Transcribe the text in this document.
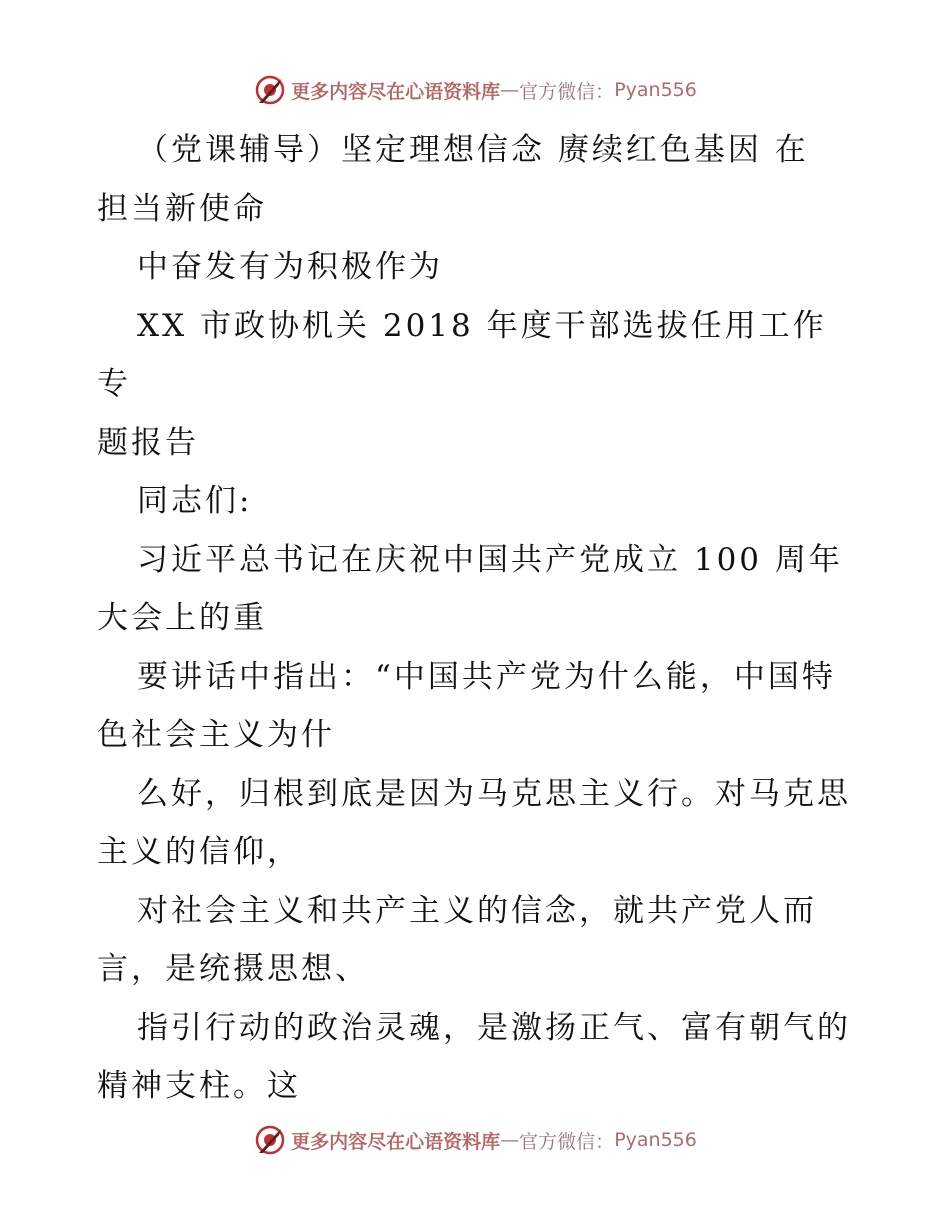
更多内容尽在心语资料库 — 官方微信： Pyan556
（党课辅导）坚定理想信念 赓续红色基因 在
担当新使命
中奋发有为积极作为
XX 市政协机关 2018 年度干部选拔任用工作专
题报告
同志们:
习近平总书记在庆祝中国共产党成立 100 周年
大会上的重
要讲话中指出：“中国共产党为什么能，中国特
色社会主义为什
么好，归根到底是因为马克思主义行。对马克思
主义的信仰，
对社会主义和共产主义的信念，就共产党人而
言，是统摄思想、
指引行动的政治灵魂，是激扬正气、富有朝气的
精神支柱。这
更多内容尽在心语资料库 — 官方微信： Pyan556
